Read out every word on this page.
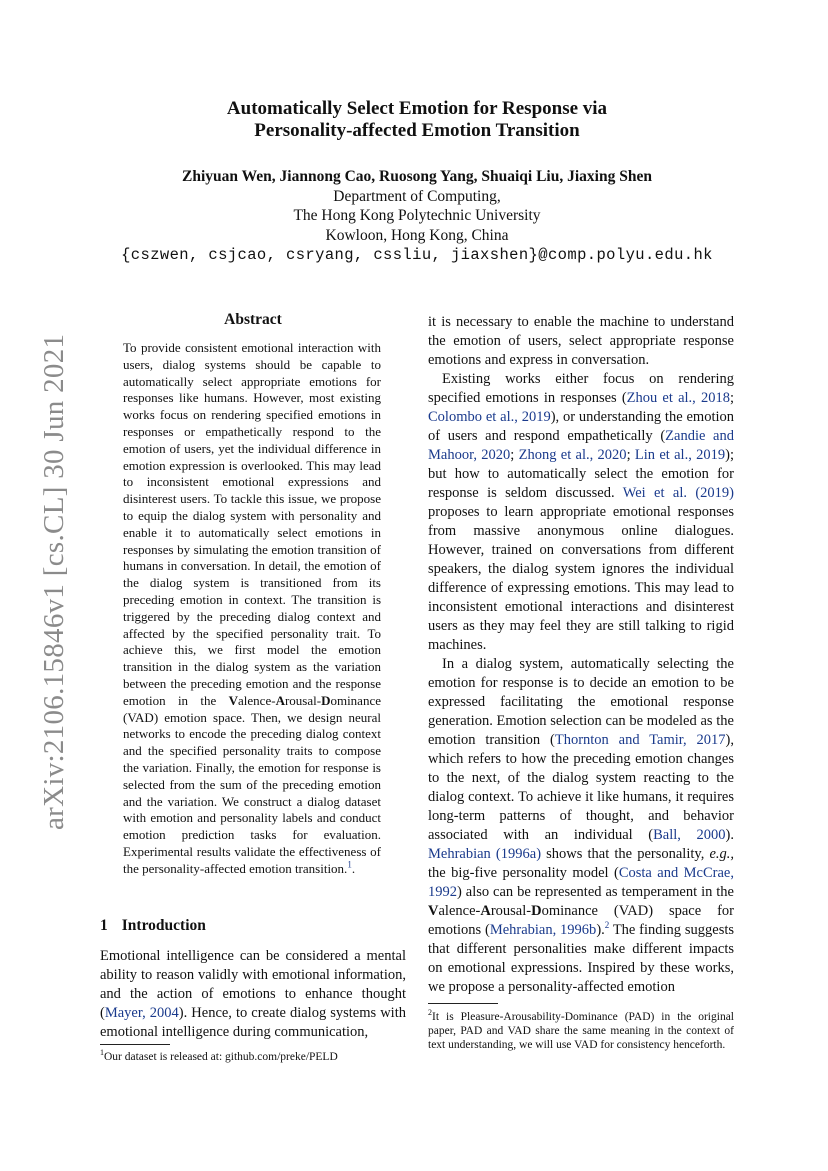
arXiv:2106.15846v1 [cs.CL] 30 Jun 2021
Automatically Select Emotion for Response via
Personality-affected Emotion Transition
Zhiyuan Wen, Jiannong Cao, Ruosong Yang, Shuaiqi Liu, Jiaxing Shen
Department of Computing,
The Hong Kong Polytechnic University
Kowloon, Hong Kong, China
{cszwen, csjcao, csryang, cssliu, jiaxshen}@comp.polyu.edu.hk
Abstract
To provide consistent emotional interaction with users, dialog systems should be capable to automatically select appropriate emotions for responses like humans. However, most existing works focus on rendering specified emotions in responses or empathetically respond to the emotion of users, yet the individual difference in emotion expression is overlooked. This may lead to inconsistent emotional expressions and disinterest users. To tackle this issue, we propose to equip the dialog system with personality and enable it to automatically select emotions in responses by simulating the emotion transition of humans in conversation. In detail, the emotion of the dialog system is transitioned from its preceding emotion in context. The transition is triggered by the preceding dialog context and affected by the specified personality trait. To achieve this, we first model the emotion transition in the dialog system as the variation between the preceding emotion and the response emotion in the Valence-Arousal-Dominance (VAD) emotion space. Then, we design neural networks to encode the preceding dialog context and the specified personality traits to compose the variation. Finally, the emotion for response is selected from the sum of the preceding emotion and the variation. We construct a dialog dataset with emotion and personality labels and conduct emotion prediction tasks for evaluation. Experimental results validate the effectiveness of the personality-affected emotion transition.$^1$.
1 Introduction
Emotional intelligence can be considered a mental ability to reason validly with emotional information, and the action of emotions to enhance thought (Mayer, 2004). Hence, to create dialog systems with emotional intelligence during communication,
$^1$Our dataset is released at: github.com/preke/PELD

it is necessary to enable the machine to understand the emotion of users, select appropriate response emotions and express in conversation.

Existing works either focus on rendering specified emotions in responses (Zhou et al., 2018; Colombo et al., 2019), or understanding the emotion of users and respond empathetically (Zandie and Mahoor, 2020; Zhong et al., 2020; Lin et al., 2019); but how to automatically select the emotion for response is seldom discussed. Wei et al. (2019) proposes to learn appropriate emotional responses from massive anonymous online dialogues. However, trained on conversations from different speakers, the dialog system ignores the individual difference of expressing emotions. This may lead to inconsistent emotional interactions and disinterest users as they may feel they are still talking to rigid machines.

In a dialog system, automatically selecting the emotion for response is to decide an emotion to be expressed facilitating the emotional response generation. Emotion selection can be modeled as the emotion transition (Thornton and Tamir, 2017), which refers to how the preceding emotion changes to the next, of the dialog system reacting to the dialog context. To achieve it like humans, it requires long-term patterns of thought, and behavior associated with an individual (Ball, 2000). Mehrabian (1996a) shows that the personality, e.g., the big-five personality model (Costa and McCrae, 1992) also can be represented as temperament in the Valence-Arousal-Dominance (VAD) space for emotions (Mehrabian, 1996b).$^2$ The finding suggests that different personalities make different impacts on emotional expressions. Inspired by these works, we propose a personality-affected emotion

$^2$It is Pleasure-Arousability-Dominance (PAD) in the original paper, PAD and VAD share the same meaning in the context of text understanding, we will use VAD for consistency henceforth.
